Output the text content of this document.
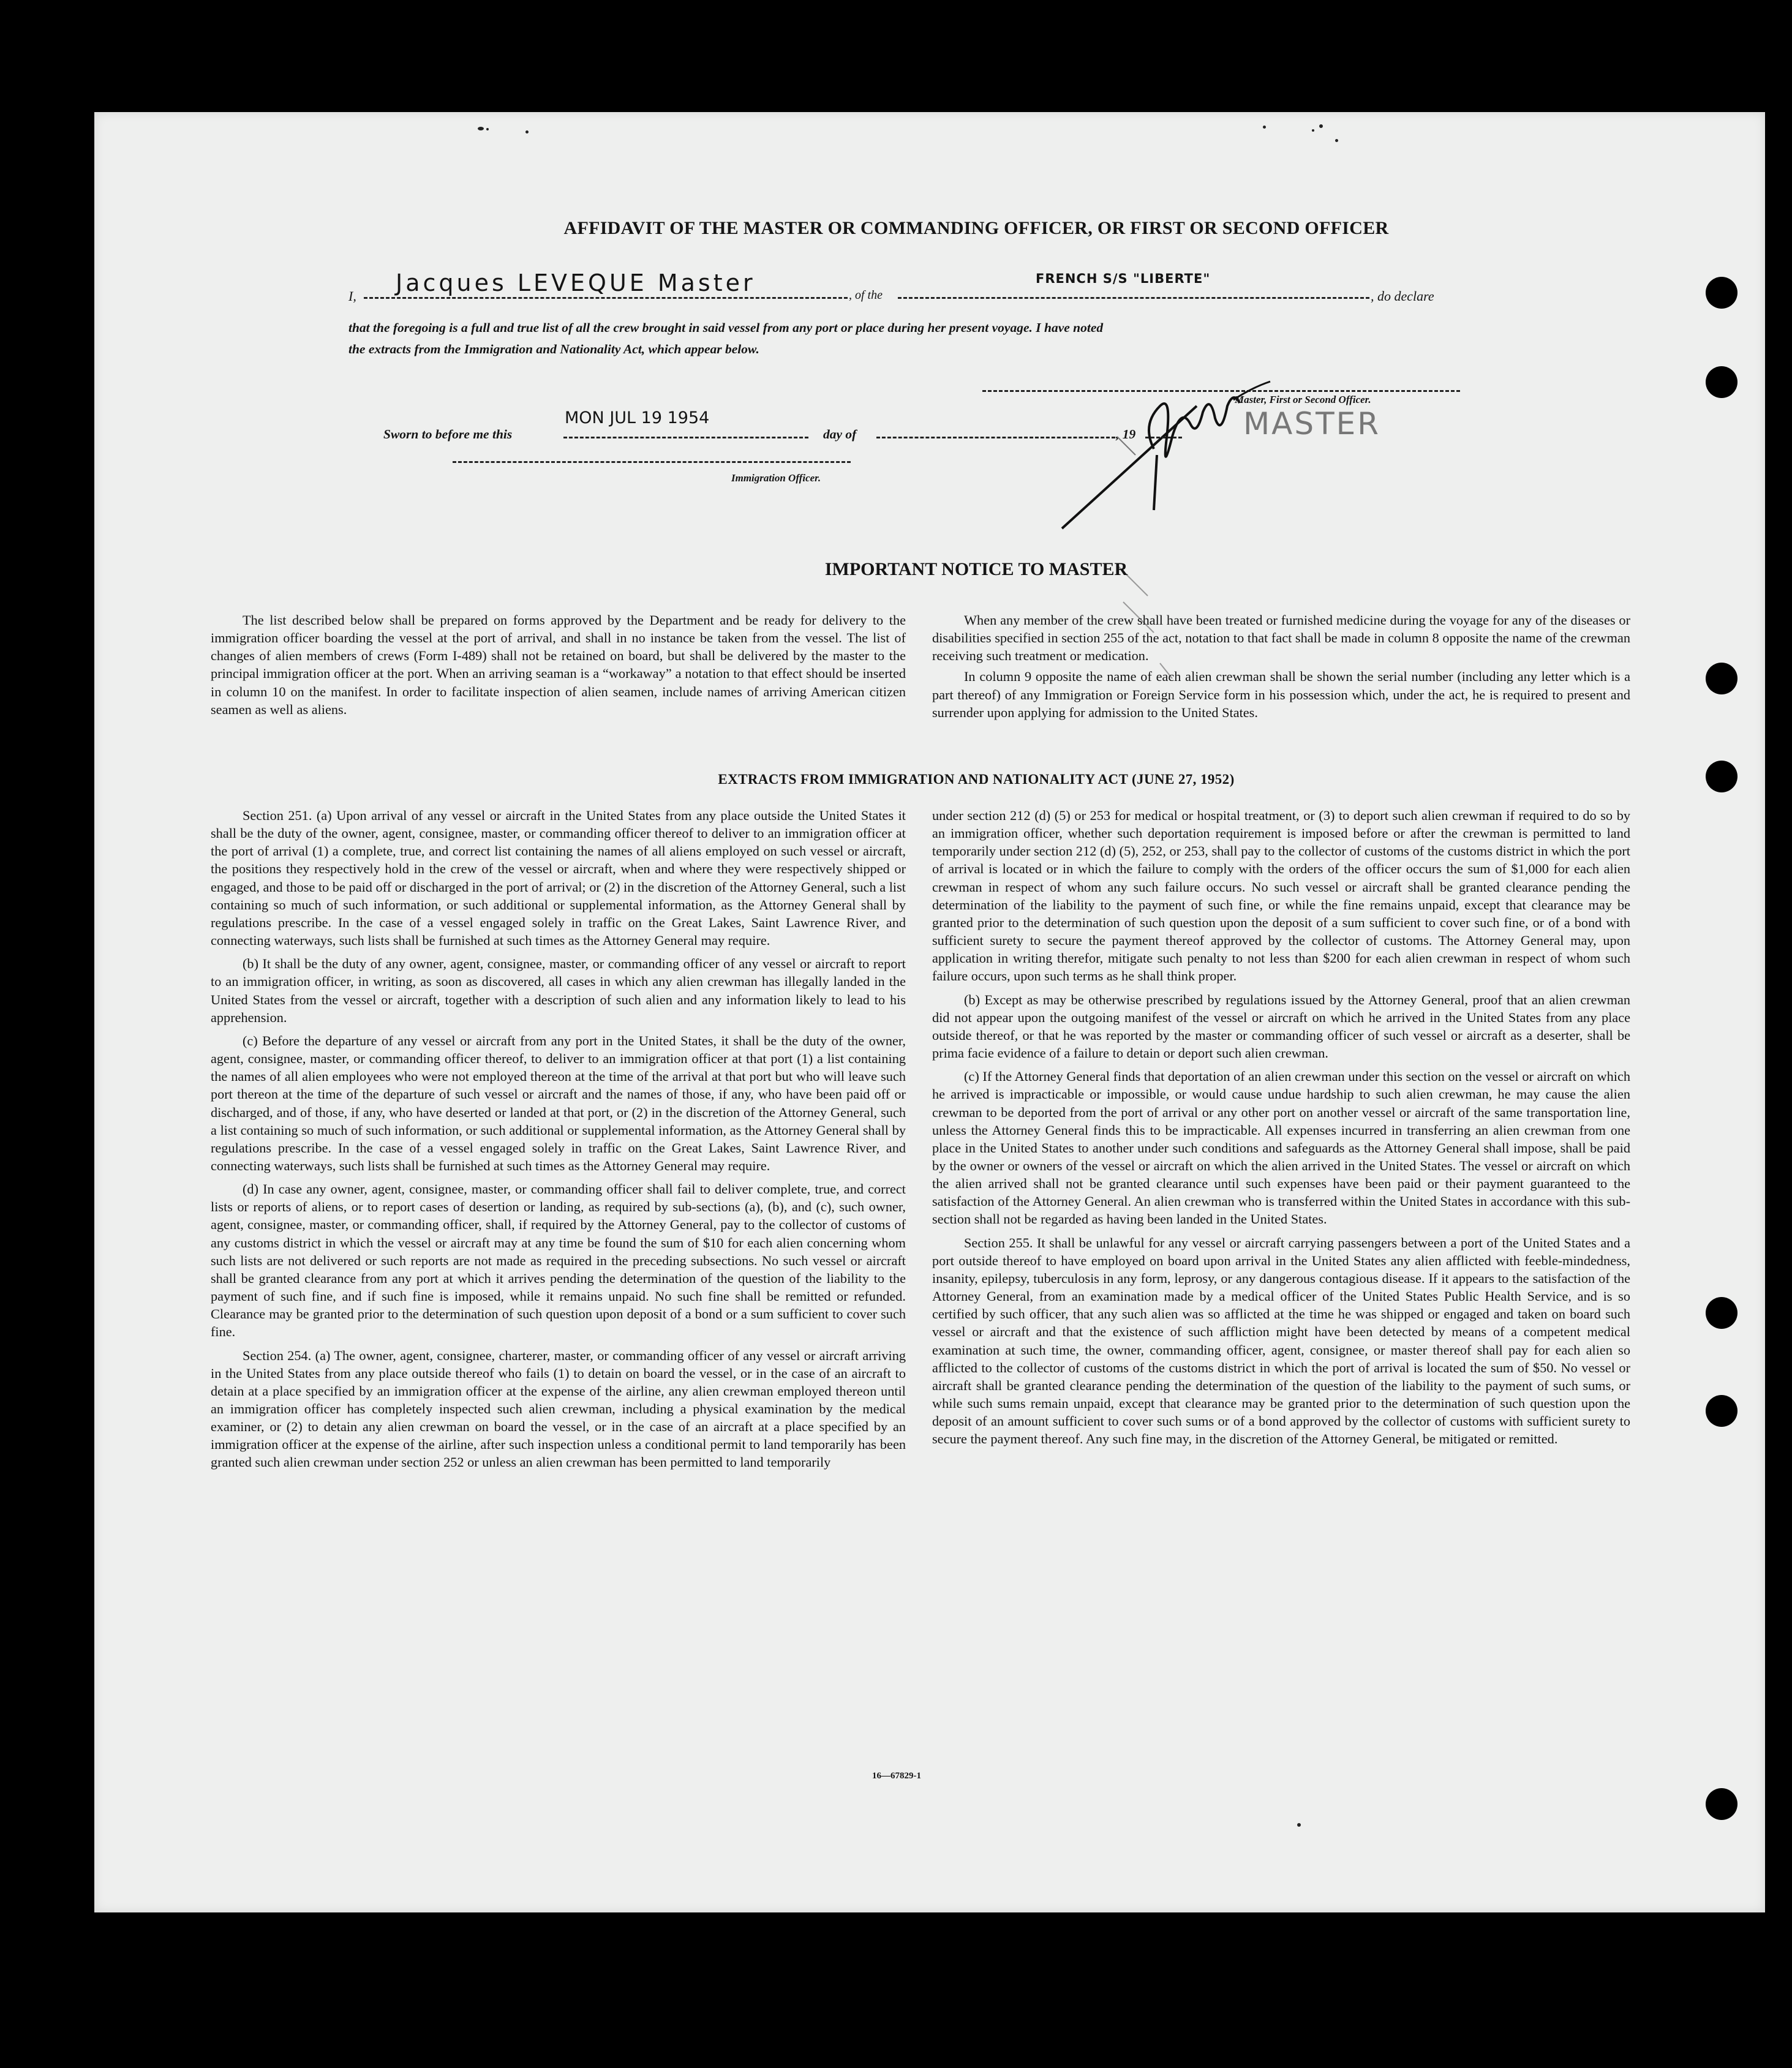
AFFIDAVIT OF THE MASTER OR COMMANDING OFFICER, OR FIRST OR SECOND OFFICER
I, Jacques LEVEQUE Master	, of the
FRENCH S/S "LIBERTE"
, do declare
that the foregoing is a full and true list of all the crew brought in said vessel from any port or place during her present voyage. I have noted
the extracts from the Immigration and Nationality Act, which appear below.
Master, First or Second Officer.
MASTER
Sworn to before me this
MON JUL 19 1954
day of	, 19
Immigration Officer.
IMPORTANT NOTICE TO MASTER

The list described below shall be prepared on forms approved by the Department and be ready for delivery to the immigration officer boarding the vessel at the port of arrival, and shall in no instance be taken from the vessel. The list of changes of alien members of crews (Form I-489) shall not be retained on board, but shall be delivered by the master to the principal immigration officer at the port. When an arriving seaman is a “workaway” a notation to that effect should be inserted in column 10 on the manifest. In order to facilitate inspection of alien seamen, include names of arriving American citizen seamen as well as aliens.

When any member of the crew shall have been treated or furnished medicine during the voyage for any of the diseases or disabilities specified in section 255 of the act, notation to that fact shall be made in column 8 opposite the name of the crewman receiving such treatment or medication.

In column 9 opposite the name of each alien crewman shall be shown the serial number (including any letter which is a part thereof) of any Immigration or Foreign Service form in his possession which, under the act, he is required to present and surrender upon applying for admission to the United States.

EXTRACTS FROM IMMIGRATION AND NATIONALITY ACT (JUNE 27, 1952)

Section 251. (a) Upon arrival of any vessel or aircraft in the United States from any place outside the United States it shall be the duty of the owner, agent, consignee, master, or commanding officer thereof to deliver to an immigration officer at the port of arrival (1) a complete, true, and correct list containing the names of all aliens employed on such vessel or aircraft, the positions they respectively hold in the crew of the vessel or aircraft, when and where they were respectively shipped or engaged, and those to be paid off or discharged in the port of arrival; or (2) in the discretion of the Attorney General, such a list containing so much of such information, or such additional or supplemental information, as the Attorney General shall by regulations prescribe. In the case of a vessel engaged solely in traffic on the Great Lakes, Saint Lawrence River, and connecting waterways, such lists shall be furnished at such times as the Attorney General may require.

(b) It shall be the duty of any owner, agent, consignee, master, or commanding officer of any vessel or aircraft to report to an immigration officer, in writing, as soon as discovered, all cases in which any alien crewman has illegally landed in the United States from the vessel or aircraft, together with a description of such alien and any information likely to lead to his apprehension.

(c) Before the departure of any vessel or aircraft from any port in the United States, it shall be the duty of the owner, agent, consignee, master, or commanding officer thereof, to deliver to an immigration officer at that port (1) a list containing the names of all alien employees who were not employed thereon at the time of the arrival at that port but who will leave such port thereon at the time of the departure of such vessel or aircraft and the names of those, if any, who have been paid off or discharged, and of those, if any, who have deserted or landed at that port, or (2) in the discretion of the Attorney General, such a list containing so much of such information, or such additional or supplemental information, as the Attorney General shall by regulations prescribe. In the case of a vessel engaged solely in traffic on the Great Lakes, Saint Lawrence River, and connecting waterways, such lists shall be furnished at such times as the Attorney General may require.

(d) In case any owner, agent, consignee, master, or commanding officer shall fail to deliver complete, true, and correct lists or reports of aliens, or to report cases of desertion or landing, as required by sub-sections (a), (b), and (c), such owner, agent, consignee, master, or commanding officer, shall, if required by the Attorney General, pay to the collector of customs of any customs district in which the vessel or aircraft may at any time be found the sum of $10 for each alien concerning whom such lists are not delivered or such reports are not made as required in the preceding subsections. No such vessel or aircraft shall be granted clearance from any port at which it arrives pending the determination of the question of the liability to the payment of such fine, and if such fine is imposed, while it remains unpaid. No such fine shall be remitted or refunded. Clearance may be granted prior to the determination of such question upon deposit of a bond or a sum sufficient to cover such fine.

Section 254. (a) The owner, agent, consignee, charterer, master, or commanding officer of any vessel or aircraft arriving in the United States from any place outside thereof who fails (1) to detain on board the vessel, or in the case of an aircraft to detain at a place specified by an immigration officer at the expense of the airline, any alien crewman employed thereon until an immigration officer has completely inspected such alien crewman, including a physical examination by the medical examiner, or (2) to detain any alien crewman on board the vessel, or in the case of an aircraft at a place specified by an immigration officer at the expense of the airline, after such inspection unless a conditional permit to land temporarily has been granted such alien crewman under section 252 or unless an alien crewman has been permitted to land temporarily

under section 212 (d) (5) or 253 for medical or hospital treatment, or (3) to deport such alien crewman if required to do so by an immigration officer, whether such deportation requirement is imposed before or after the crewman is permitted to land temporarily under section 212 (d) (5), 252, or 253, shall pay to the collector of customs of the customs district in which the port of arrival is located or in which the failure to comply with the orders of the officer occurs the sum of $1,000 for each alien crewman in respect of whom any such failure occurs. No such vessel or aircraft shall be granted clearance pending the determination of the liability to the payment of such fine, or while the fine remains unpaid, except that clearance may be granted prior to the determination of such question upon the deposit of a sum sufficient to cover such fine, or of a bond with sufficient surety to secure the payment thereof approved by the collector of customs. The Attorney General may, upon application in writing therefor, mitigate such penalty to not less than $200 for each alien crewman in respect of whom such failure occurs, upon such terms as he shall think proper.

(b) Except as may be otherwise prescribed by regulations issued by the Attorney General, proof that an alien crewman did not appear upon the outgoing manifest of the vessel or aircraft on which he arrived in the United States from any place outside thereof, or that he was reported by the master or commanding officer of such vessel or aircraft as a deserter, shall be prima facie evidence of a failure to detain or deport such alien crewman.

(c) If the Attorney General finds that deportation of an alien crewman under this section on the vessel or aircraft on which he arrived is impracticable or impossible, or would cause undue hardship to such alien crewman, he may cause the alien crewman to be deported from the port of arrival or any other port on another vessel or aircraft of the same transportation line, unless the Attorney General finds this to be impracticable. All expenses incurred in transferring an alien crewman from one place in the United States to another under such conditions and safeguards as the Attorney General shall impose, shall be paid by the owner or owners of the vessel or aircraft on which the alien arrived in the United States. The vessel or aircraft on which the alien arrived shall not be granted clearance until such expenses have been paid or their payment guaranteed to the satisfaction of the Attorney General. An alien crewman who is transferred within the United States in accordance with this sub-section shall not be regarded as having been landed in the United States.

Section 255. It shall be unlawful for any vessel or aircraft carrying passengers between a port of the United States and a port outside thereof to have employed on board upon arrival in the United States any alien afflicted with feeble-mindedness, insanity, epilepsy, tuberculosis in any form, leprosy, or any dangerous contagious disease. If it appears to the satisfaction of the Attorney General, from an examination made by a medical officer of the United States Public Health Service, and is so certified by such officer, that any such alien was so afflicted at the time he was shipped or engaged and taken on board such vessel or aircraft and that the existence of such affliction might have been detected by means of a competent medical examination at such time, the owner, commanding officer, agent, consignee, or master thereof shall pay for each alien so afflicted to the collector of customs of the customs district in which the port of arrival is located the sum of $50. No vessel or aircraft shall be granted clearance pending the determination of the question of the liability to the payment of such sums, or while such sums remain unpaid, except that clearance may be granted prior to the determination of such question upon the deposit of an amount sufficient to cover such sums or of a bond approved by the collector of customs with sufficient surety to secure the payment thereof. Any such fine may, in the discretion of the Attorney General, be mitigated or remitted.

16—67829-1
